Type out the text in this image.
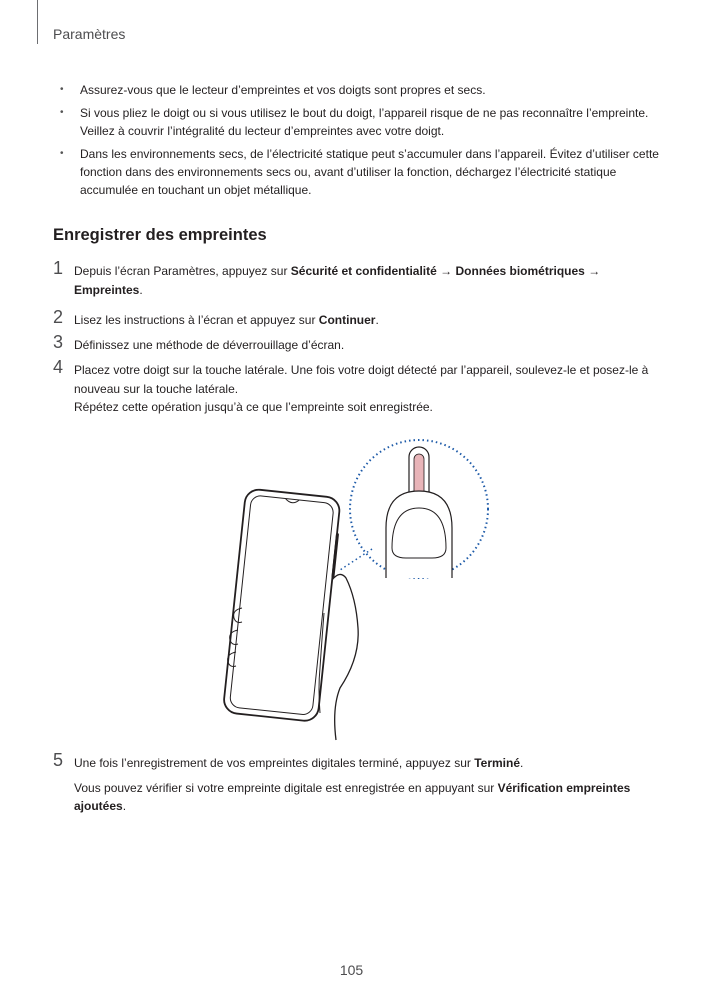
Paramètres
• Assurez-vous que le lecteur d’empreintes et vos doigts sont propres et secs.
• Si vous pliez le doigt ou si vous utilisez le bout du doigt, l’appareil risque de ne pas reconnaître l’empreinte. Veillez à couvrir l’intégralité du lecteur d’empreintes avec votre doigt.
• Dans les environnements secs, de l’électricité statique peut s’accumuler dans l’appareil. Évitez d’utiliser cette fonction dans des environnements secs ou, avant d’utiliser la fonction, déchargez l’électricité statique accumulée en touchant un objet métallique.
Enregistrer des empreintes
1 Depuis l’écran Paramètres, appuyez sur Sécurité et confidentialité → Données biométriques → Empreintes.

2 Lisez les instructions à l’écran et appuyez sur Continuer.

3 Définissez une méthode de déverrouillage d’écran.

4 Placez votre doigt sur la touche latérale. Une fois votre doigt détecté par l’appareil, soulevez-le et posez-le à nouveau sur la touche latérale.

Répétez cette opération jusqu’à ce que l’empreinte soit enregistrée.

5 Une fois l’enregistrement de vos empreintes digitales terminé, appuyez sur Terminé.

Vous pouvez vérifier si votre empreinte digitale est enregistrée en appuyant sur Vérification empreintes ajoutées.

105
